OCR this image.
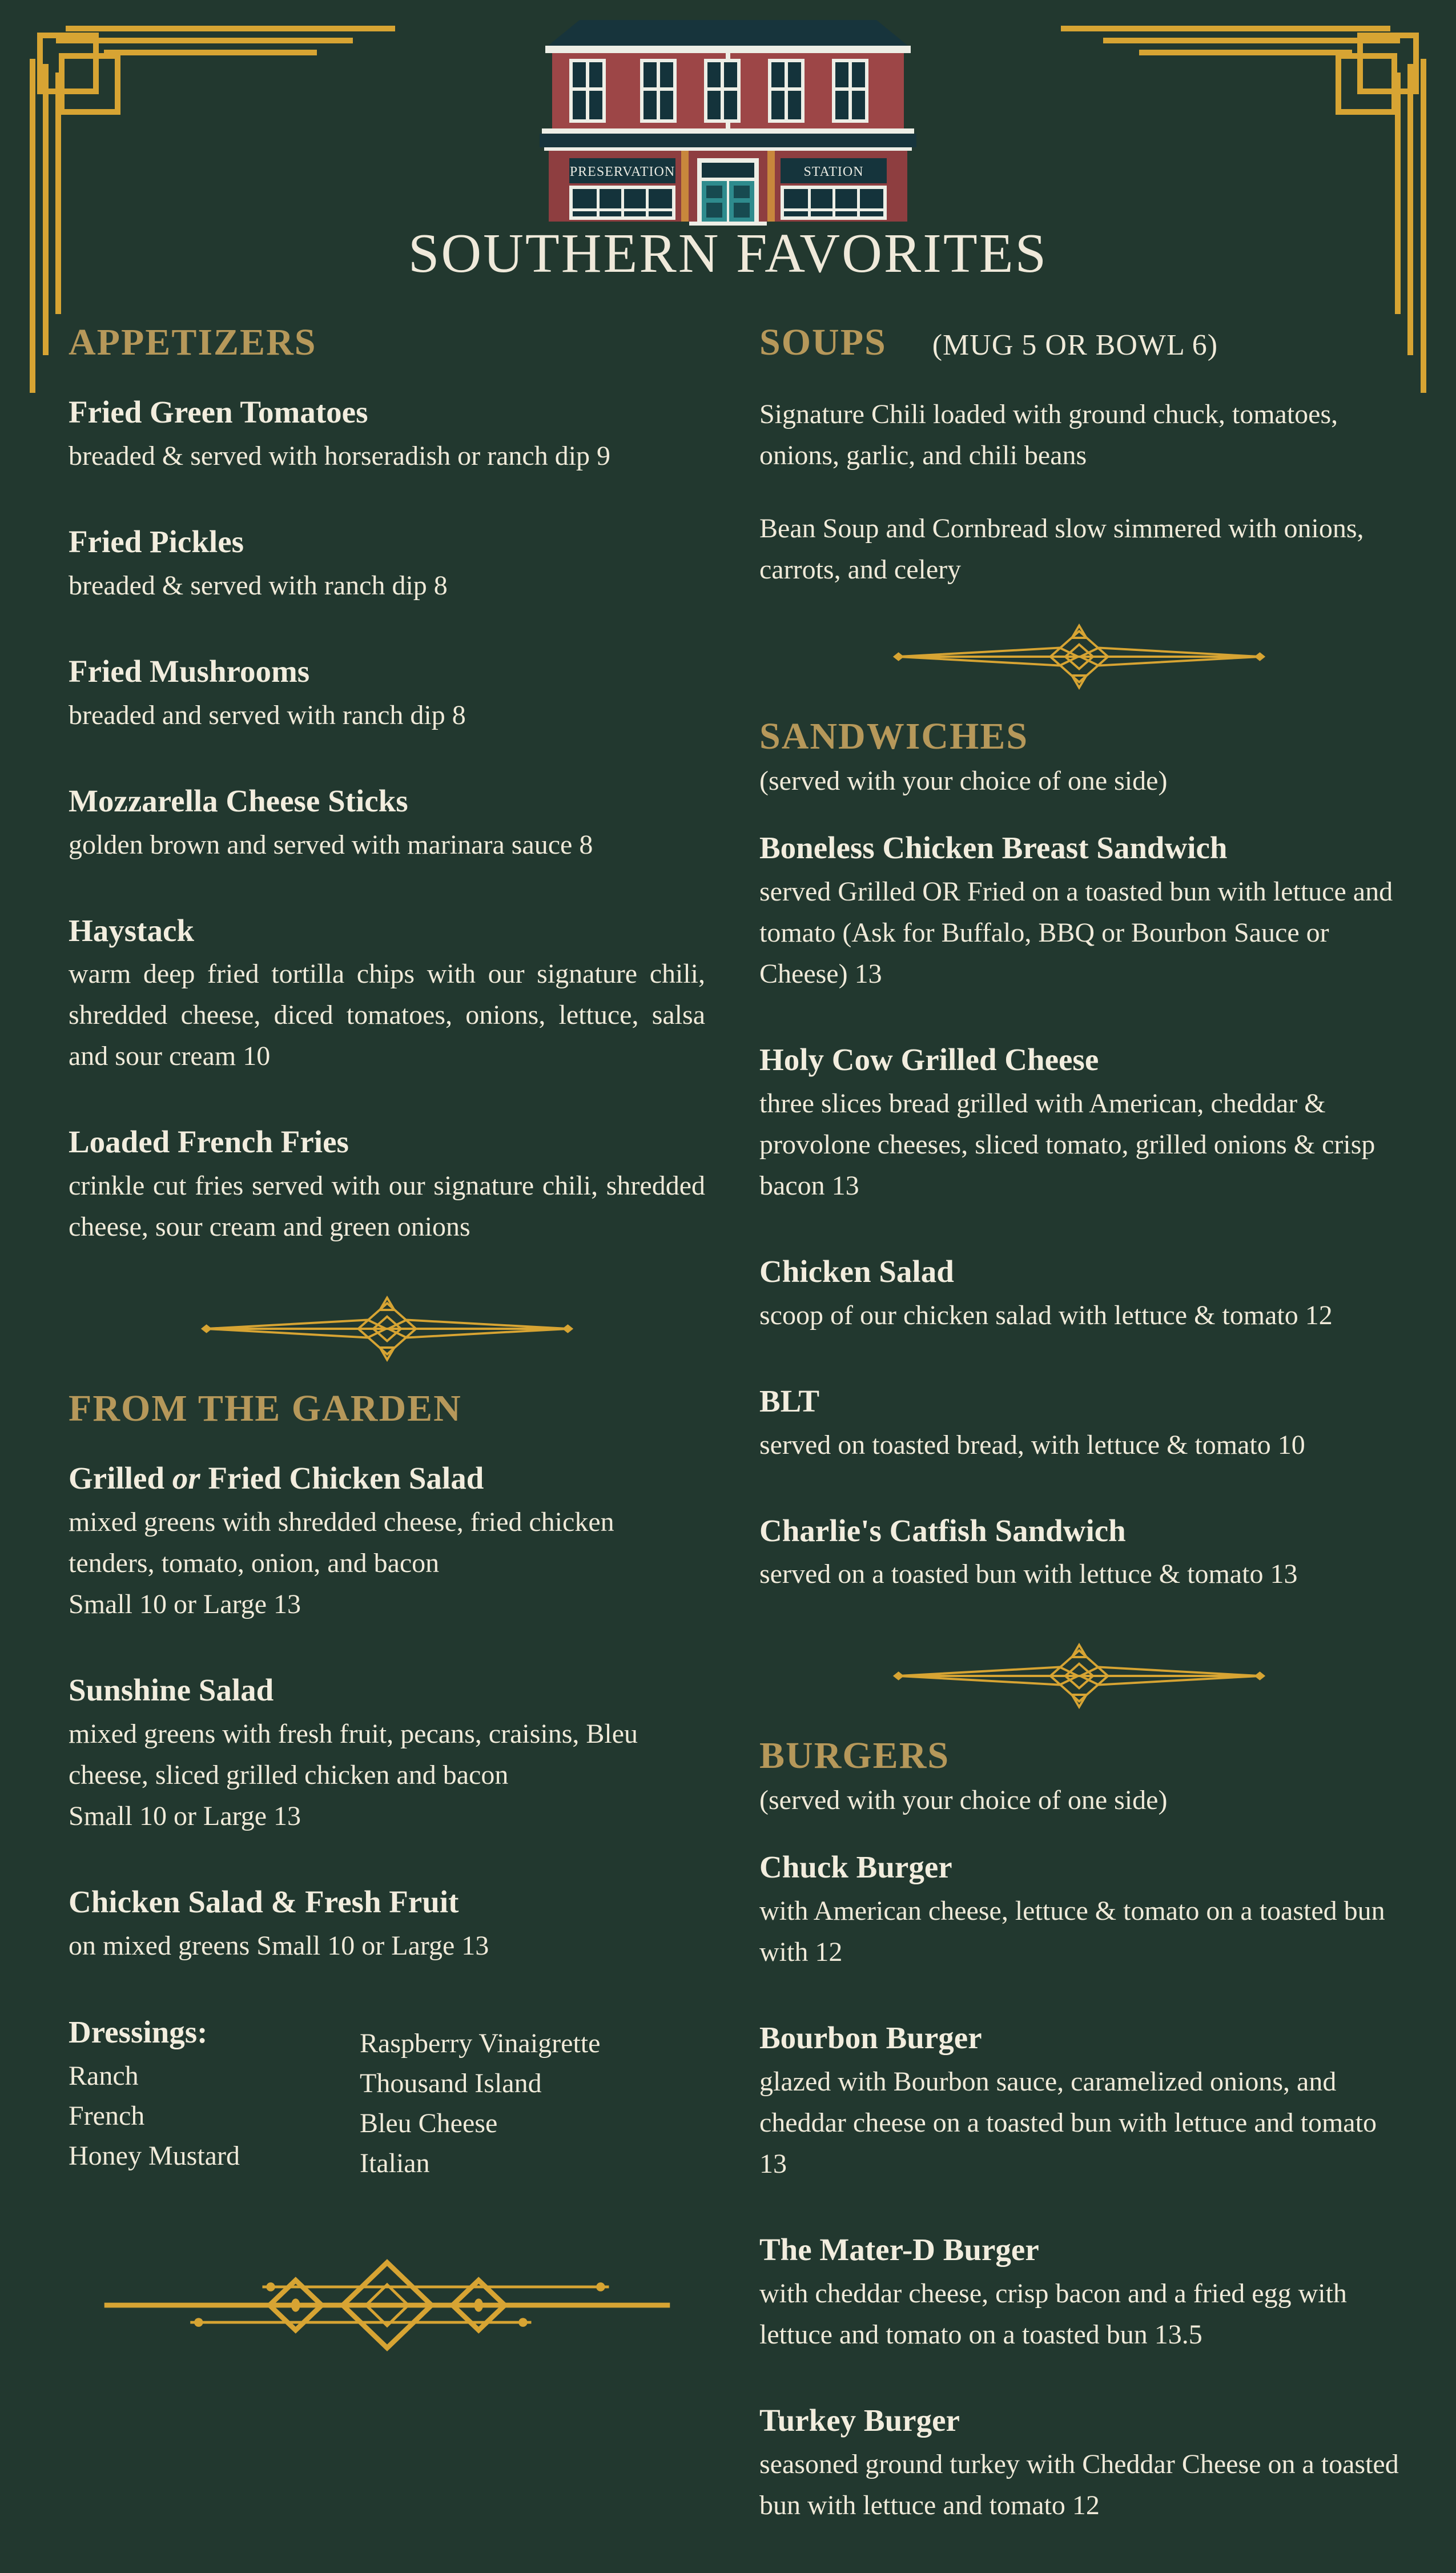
PRESERVATION	STATION
SOUTHERN FAVORITES
APPETIZERS
Fried Green Tomatoes
breaded & served with horseradish or ranch dip 9
Fried Pickles
breaded & served with ranch dip 8
Fried Mushrooms
breaded and served with ranch dip 8
Mozzarella Cheese Sticks
golden brown and served with marinara sauce 8
Haystack
warm deep fried tortilla chips with our signature chili, shredded cheese, diced tomatoes, onions, lettuce, salsa and sour cream 10
Loaded French Fries
crinkle cut fries served with our signature chili, shredded cheese, sour cream and green onions
FROM THE GARDEN
Grilled or Fried Chicken Salad
mixed greens with shredded cheese, fried chicken tenders, tomato, onion, and bacon
Small 10 or Large 13
Sunshine Salad
mixed greens with fresh fruit, pecans, craisins, Bleu cheese, sliced grilled chicken and bacon
Small 10 or Large 13
Chicken Salad & Fresh Fruit
on mixed greens Small 10 or Large 13
Dressings:
Ranch
French
Honey Mustard
Raspberry Vinaigrette
Thousand Island
Bleu Cheese
Italian
SOUPS (MUG 5 OR BOWL 6)
Signature Chili loaded with ground chuck, tomatoes, onions, garlic, and chili beans
Bean Soup and Cornbread slow simmered with onions, carrots, and celery
SANDWICHES
(served with your choice of one side)
Boneless Chicken Breast Sandwich
served Grilled OR Fried on a toasted bun with lettuce and tomato (Ask for Buffalo, BBQ or Bourbon Sauce or Cheese) 13
Holy Cow Grilled Cheese
three slices bread grilled with American, cheddar & provolone cheeses, sliced tomato, grilled onions & crisp bacon 13
Chicken Salad
scoop of our chicken salad with lettuce & tomato 12
BLT
served on toasted bread, with lettuce & tomato 10
Charlie's Catfish Sandwich
served on a toasted bun with lettuce & tomato 13
BURGERS
(served with your choice of one side)
Chuck Burger
with American cheese, lettuce & tomato on a toasted bun with 12
Bourbon Burger
glazed with Bourbon sauce, caramelized onions, and cheddar cheese on a toasted bun with lettuce and tomato 13
The Mater-D Burger
with cheddar cheese, crisp bacon and a fried egg with lettuce and tomato on a toasted bun 13.5
Turkey Burger
seasoned ground turkey with Cheddar Cheese on a toasted bun with lettuce and tomato 12
